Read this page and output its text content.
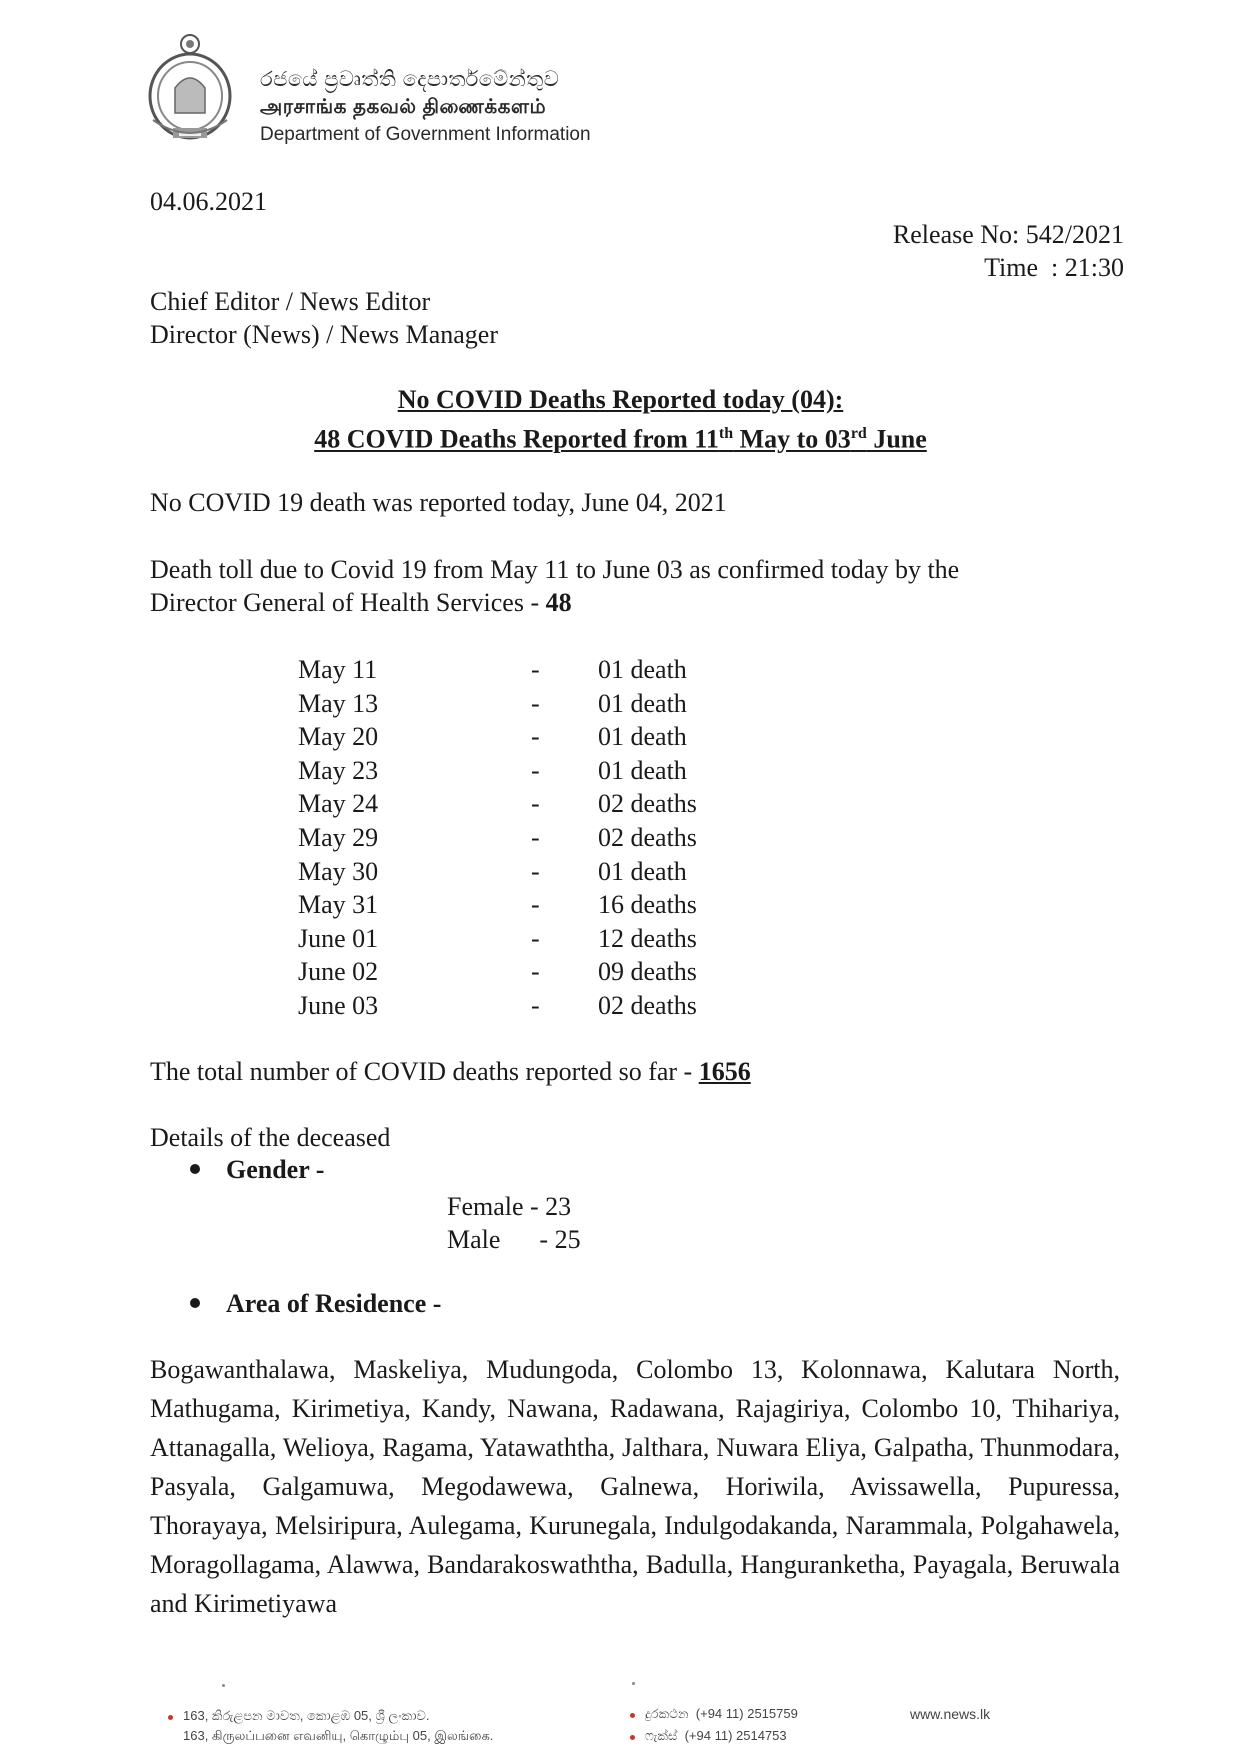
රජයේ ප්‍රවෘත්ති දෙපාර්තමේන්තුව
அரசாங்க தகவல் திணைக்களம்
Department of Government Information
04.06.2021
Release No: 542/2021
Time  : 21:30
Chief Editor / News Editor
Director (News) / News Manager
No COVID Deaths Reported today (04):
48 COVID Deaths Reported from 11th May to 03rd June
No COVID 19 death was reported today, June 04, 2021
Death toll due to Covid 19 from May 11 to June 03 as confirmed today by the
Director General of Health Services - 48
May 11	- 01 death
May 13	- 01 death
May 20	- 01 death
May 23	- 01 death
May 24	- 02 deaths
May 29	- 02 deaths
May 30	- 01 death
May 31	- 16 deaths
June 01	- 12 deaths
June 02	- 09 deaths
June 03	- 02 deaths
The total number of COVID deaths reported so far - 1656
Details of the deceased
Gender -
Female - 23
Male      - 25
Area of Residence -
Bogawanthalawa, Maskeliya, Mudungoda, Colombo 13, Kolonnawa, Kalutara North, Mathugama, Kirimetiya, Kandy, Nawana, Radawana, Rajagiriya, Colombo 10, Thihariya, Attanagalla, Welioya, Ragama, Yatawaththa, Jalthara, Nuwara Eliya, Galpatha, Thunmodara, Pasyala, Galgamuwa, Megodawewa, Galnewa, Horiwila, Avissawella, Pupuressa, Thorayaya, Melsiripura, Aulegama, Kurunegala, Indulgodakanda, Narammala, Polgahawela, Moragollagama, Alawwa, Bandarakoswaththa, Badulla, Hanguranketha, Payagala, Beruwala and Kirimetiyawa
163, කිරුළපන මාවත, කොළඹ 05, ශ්‍රී ලංකාව.
163, கிருலப்பனை எவனியு, கொழும்பு 05, இலங்கை.
දුරකථන (+94 11) 2515759
ෆැක්ස් (+94 11) 2514753
www.news.lk
